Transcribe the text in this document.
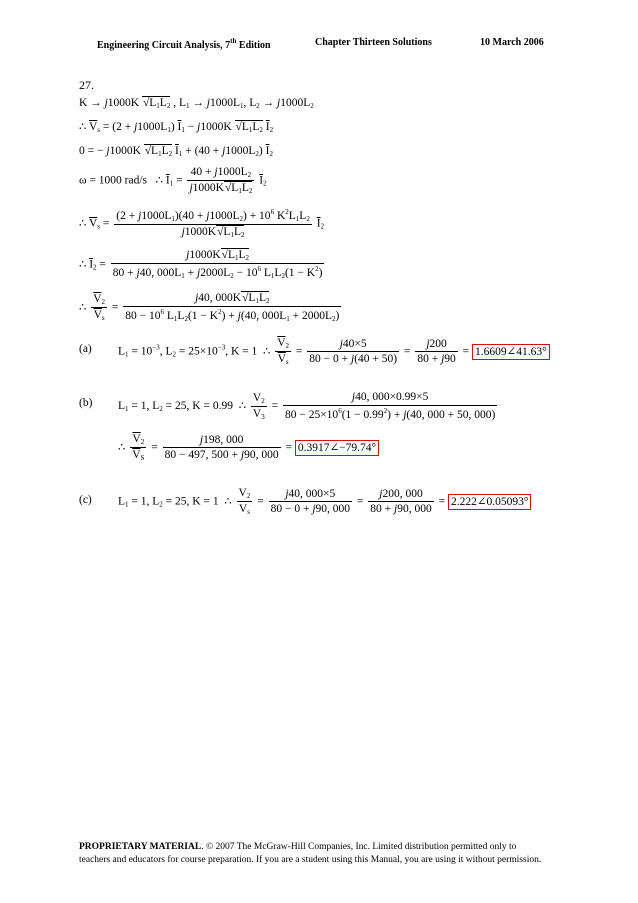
Engineering Circuit Analysis, 7th Edition	Chapter Thirteen Solutions	10 March 2006
27.
K → j1000K $√L_1L_2$ , $L_1 \to j1000L_1$, $L_2 \to j1000L_2$
∴ $\overline{V}_s = (2 + j1000L_1) \overline{I}_1 - j1000K$ $√L_1L_2$ $\overline{I}_2$
0 = − j1000K $√L_1L_2$ $\overline{I}_1 + (40 + j1000L_2)$ $\overline{I}_2$
ω = 1000 rad/s   ∴ $\overline{I}_1 = \frac{40 + j1000L_2}{j1000K√L_1L_2} \overline{I}_2$
∴ $\overline{V}_s = \frac{(2 + j1000L_1)(40 + j1000L_2) + 10^6 K^2L_1L_2}{j1000K√L_1L_2} \overline{I}_2$
∴ $\overline{I}_2 = \frac{j1000K√L_1L_2}{80 + j40, 000L_1 + j2000L_2 - 10^6 L_1L_2(1 - K^2)}$
∴ $\frac{\overline{V}_2}{\overline{V}_s} = \frac{j40, 000K√L_1L_2}{80 - 10^6 L_1L_2(1 - K^2) + j(40, 000L_1 + 2000L_2)}$
(a) $L_1 = 10^{-3}$, $L_2 = 25\times 10^{-3}$, K = 1  ∴ $\frac{\overline{V}_2}{\overline{V}_s} = \frac{j40\times 5}{80 - 0 + j(40 + 50)} = \frac{j200}{80 + j90}$ = 1.6609∠41.63°
(b) $L_1 = 1$, $L_2 = 25$, K = 0.99  ∴ $\frac{V_2}{V_3} = \frac{j40, 000\times 0.99\times 5}{80 - 25\times 10^6(1 - 0.99^2) + j(40, 000 + 50, 000)}$
∴ $\frac{\overline{V}_2}{\overline{V}_S} = \frac{j198, 000}{80 - 497, 500 + j90, 000}$ = 0.3917∠−79.74°
(c) $L_1 = 1$, $L_2 = 25$, K = 1  ∴ $\frac{V_2}{V_s} = \frac{j40, 000\times 5}{80 - 0 + j90, 000} = \frac{j200, 000}{80 + j90, 000}$ = 2.222∠0.05093°
PROPRIETARY MATERIAL. © 2007 The McGraw-Hill Companies, Inc. Limited distribution permitted only to
teachers and educators for course preparation. If you are a student using this Manual, you are using it without permission.
